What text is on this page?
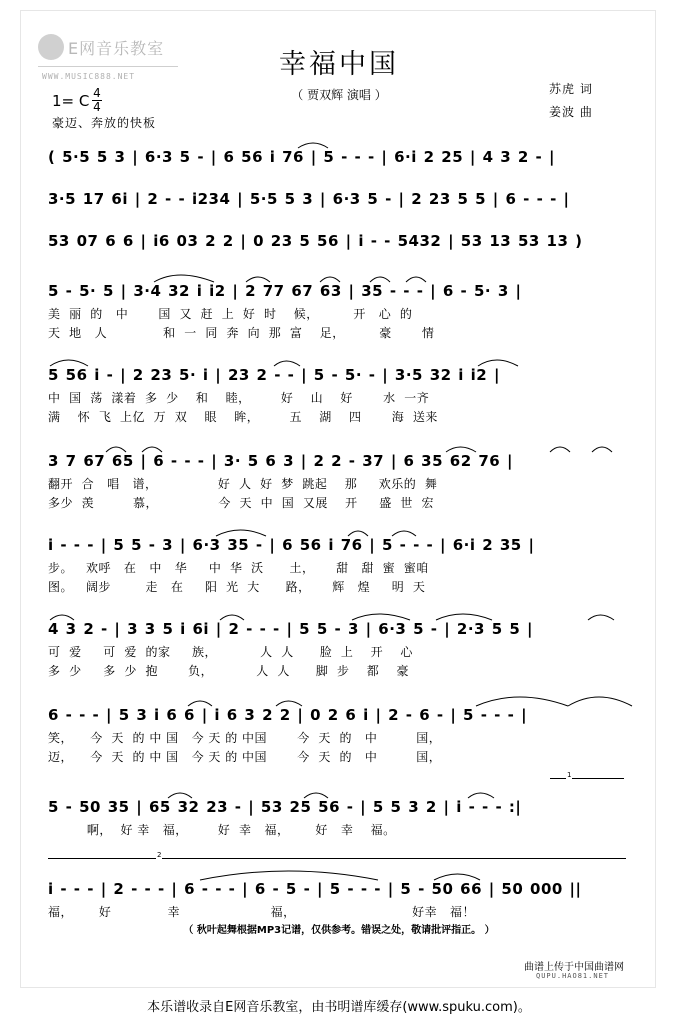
E网音乐教室
WWW.MUSIC888.NET	幸福中国
（ 贾双辉 演唱 ）	苏虎 词
姜波 曲
1= C 4
4
豪迈、奔放的快板

( 5·5 5 3 | 6·3 5 - | 6 56 i 76 | 5 - - - | 6·i 2 25 | 4 3 2 - |

3·5 17 6i | 2 - - i234 | 5·5 5 3 | 6·3 5 - | 2 23 5 5 | 6 - - - |

53 07 6 6 | i6 03 2 2 | 0 23 5 56 | i - - 5432 | 53 13 53 13 )

5 - 5· 5 | 3·4 32 i i2 | 2 77 67 63 | 35 - - - | 6 - 5· 3 |

美  丽  的   中       国  又  赶  上  好  时    候，        开   心  的

天  地   人             和  一  同  奔  向  那  富    足，        豪       情

5 56 i - | 2 23 5· i | 23 2 - - | 5 - 5· - | 3·5 32 i i2 |

中  国  荡  漾着  多  少    和    睦，       好    山    好       水  一齐

满    怀  飞  上亿  万  双    眼    眸，       五    湖    四       海  送来

3 7 67 65 | 6 - - - | 3· 5 6 3 | 2 2 - 37 | 6 35 62 76 |

翻开  合   唱   谱，              好  人  好  梦  跳起    那     欢乐的  舞

多少  羡         慕，              今  天  中  国  又展    开     盛  世  宏

i - - - | 5 5 - 3 | 6·3 35 - | 6 56 i 76 | 5 - - - | 6·i 2 35 |

步。   欢呼   在   中   华     中  华  沃      土，     甜   甜  蜜  蜜咱

图。   阔步        走   在     阳  光  大      路，     辉   煌     明  天

4 3 2 - | 3 3 5 i 6i | 2 - - - | 5 5 - 3 | 6·3 5 - | 2·3 5 5 |

可  爱     可  爱  的家     族，          人  人      脸  上    开    心

多  少     多  少  抱       负，          人  人      脚  步    都    豪

6 - - - | 5 3 i 6 6 | i 6 3 2 2 | 0 2 6 i | 2 - 6 - | 5 - - - |

笑，    今  天  的 中 国   今 天 的 中国       今  天  的   中         国，

迈，    今  天  的 中 国   今 天 的 中国       今  天  的   中         国，

1

5 - 50 35 | 65 32 23 - | 53 25 56 - | 5 5 3 2 | i - - - :|

啊，  好 幸   福，       好  幸   福，      好   幸    福。

2

i - - - | 2 - - - | 6 - - - | 6 - 5 - | 5 - - - | 5 - 50 66 | 50 000 ||

福，      好             幸                     福，                           好幸   福！

（ 秋叶起舞根据MP3记谱，仅供参考。错误之处，敬请批评指正。 ）
曲谱上传于中国曲谱网
QUPU.HAO81.NET
本乐谱收录自E网音乐教室，由书明谱库缓存(www.spuku.com)。
